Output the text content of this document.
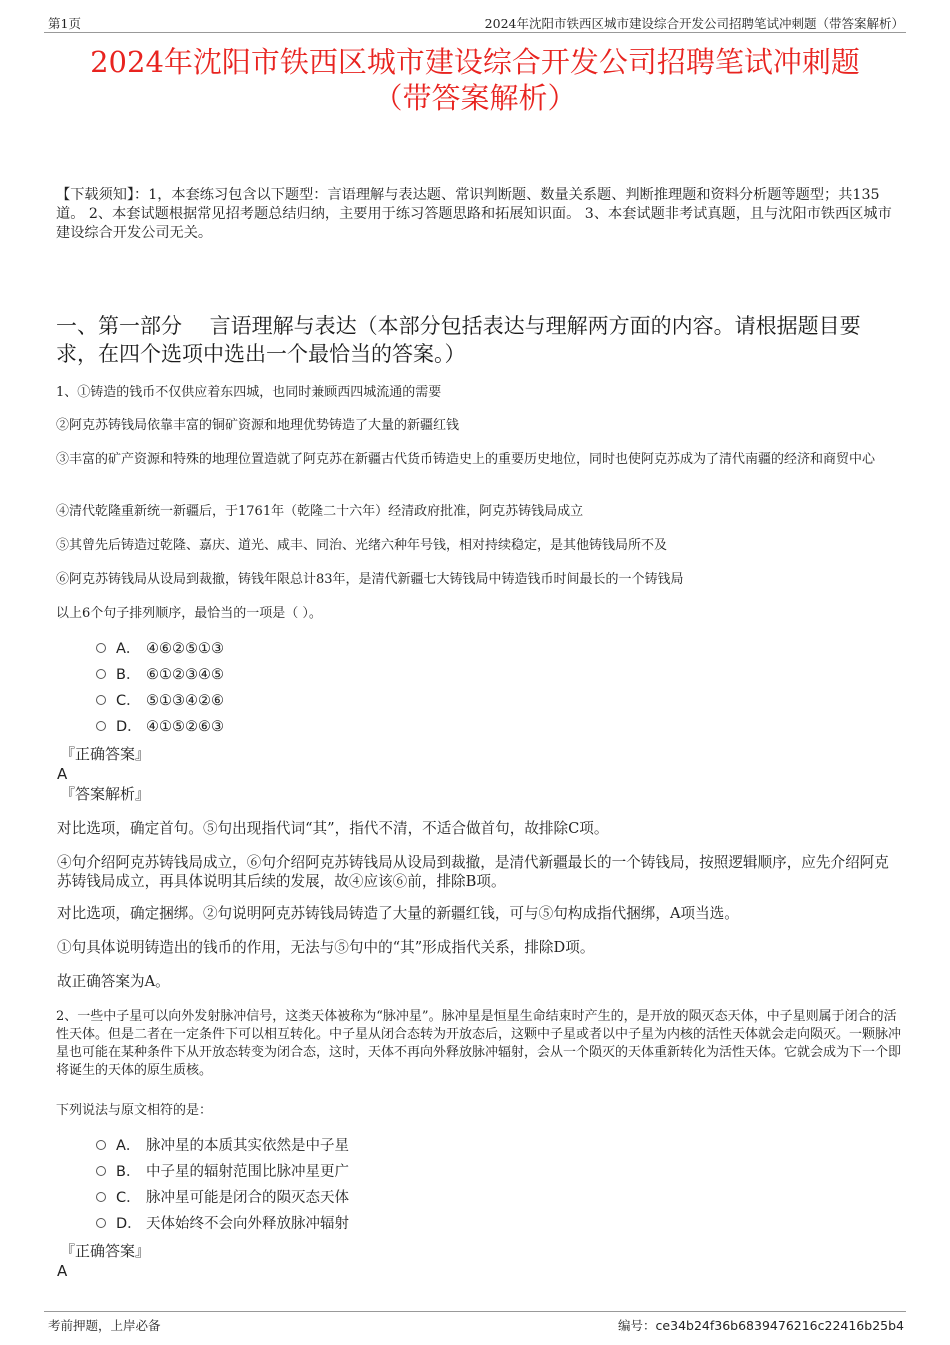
第1页	2024年沈阳市铁西区城市建设综合开发公司招聘笔试冲刺题（带答案解析）
2024年沈阳市铁西区城市建设综合开发公司招聘笔试冲刺题
（带答案解析）
【下载须知】：1，本套练习包含以下题型：言语理解与表达题、常识判断题、数量关系题、判断推理题和资料分析题等题型；共135道。 2、本套试题根据常见招考题总结归纳，主要用于练习答题思路和拓展知识面。 3、本套试题非考试真题，且与沈阳市铁西区城市建设综合开发公司无关。
一、第一部分　 言语理解与表达（本部分包括表达与理解两方面的内容。请根据题目要求，在四个选项中选出一个最恰当的答案。）
1、①铸造的钱币不仅供应着东四城，也同时兼顾西四城流通的需要
②阿克苏铸钱局依靠丰富的铜矿资源和地理优势铸造了大量的新疆红钱
③丰富的矿产资源和特殊的地理位置造就了阿克苏在新疆古代货币铸造史上的重要历史地位，同时也使阿克苏成为了清代南疆的经济和商贸中心
④清代乾隆重新统一新疆后，于1761年（乾隆二十六年）经清政府批准，阿克苏铸钱局成立
⑤其曾先后铸造过乾隆、嘉庆、道光、咸丰、同治、光绪六种年号钱，相对持续稳定，是其他铸钱局所不及
⑥阿克苏铸钱局从设局到裁撤，铸钱年限总计83年，是清代新疆七大铸钱局中铸造钱币时间最长的一个铸钱局
以上6个句子排列顺序，最恰当的一项是（ ）。
A． ④⑥②⑤①③
B． ⑥①②③④⑤
C． ⑤①③④②⑥
D． ④①⑤②⑥③
『正确答案』
A
『答案解析』
对比选项，确定首句。⑤句出现指代词“其”，指代不清，不适合做首句，故排除C项。
④句介绍阿克苏铸钱局成立，⑥句介绍阿克苏铸钱局从设局到裁撤，是清代新疆最长的一个铸钱局，按照逻辑顺序，应先介绍阿克苏铸钱局成立，再具体说明其后续的发展，故④应该⑥前，排除B项。
对比选项，确定捆绑。②句说明阿克苏铸钱局铸造了大量的新疆红钱，可与⑤句构成指代捆绑，A项当选。
①句具体说明铸造出的钱币的作用，无法与⑤句中的“其”形成指代关系，排除D项。
故正确答案为A。
2、一些中子星可以向外发射脉冲信号，这类天体被称为“脉冲星”。脉冲星是恒星生命结束时产生的，是开放的陨灭态天体，中子星则属于闭合的活性天体。但是二者在一定条件下可以相互转化。中子星从闭合态转为开放态后，这颗中子星或者以中子星为内核的活性天体就会走向陨灭。一颗脉冲星也可能在某种条件下从开放态转变为闭合态，这时，天体不再向外释放脉冲辐射，会从一个陨灭的天体重新转化为活性天体。它就会成为下一个即将诞生的天体的原生质核。
下列说法与原文相符的是：
A． 脉冲星的本质其实依然是中子星
B． 中子星的辐射范围比脉冲星更广
C． 脉冲星可能是闭合的陨灭态天体
D． 天体始终不会向外释放脉冲辐射
『正确答案』
A
考前押题，上岸必备	编号：ce34b24f36b6839476216c22416b25b4
